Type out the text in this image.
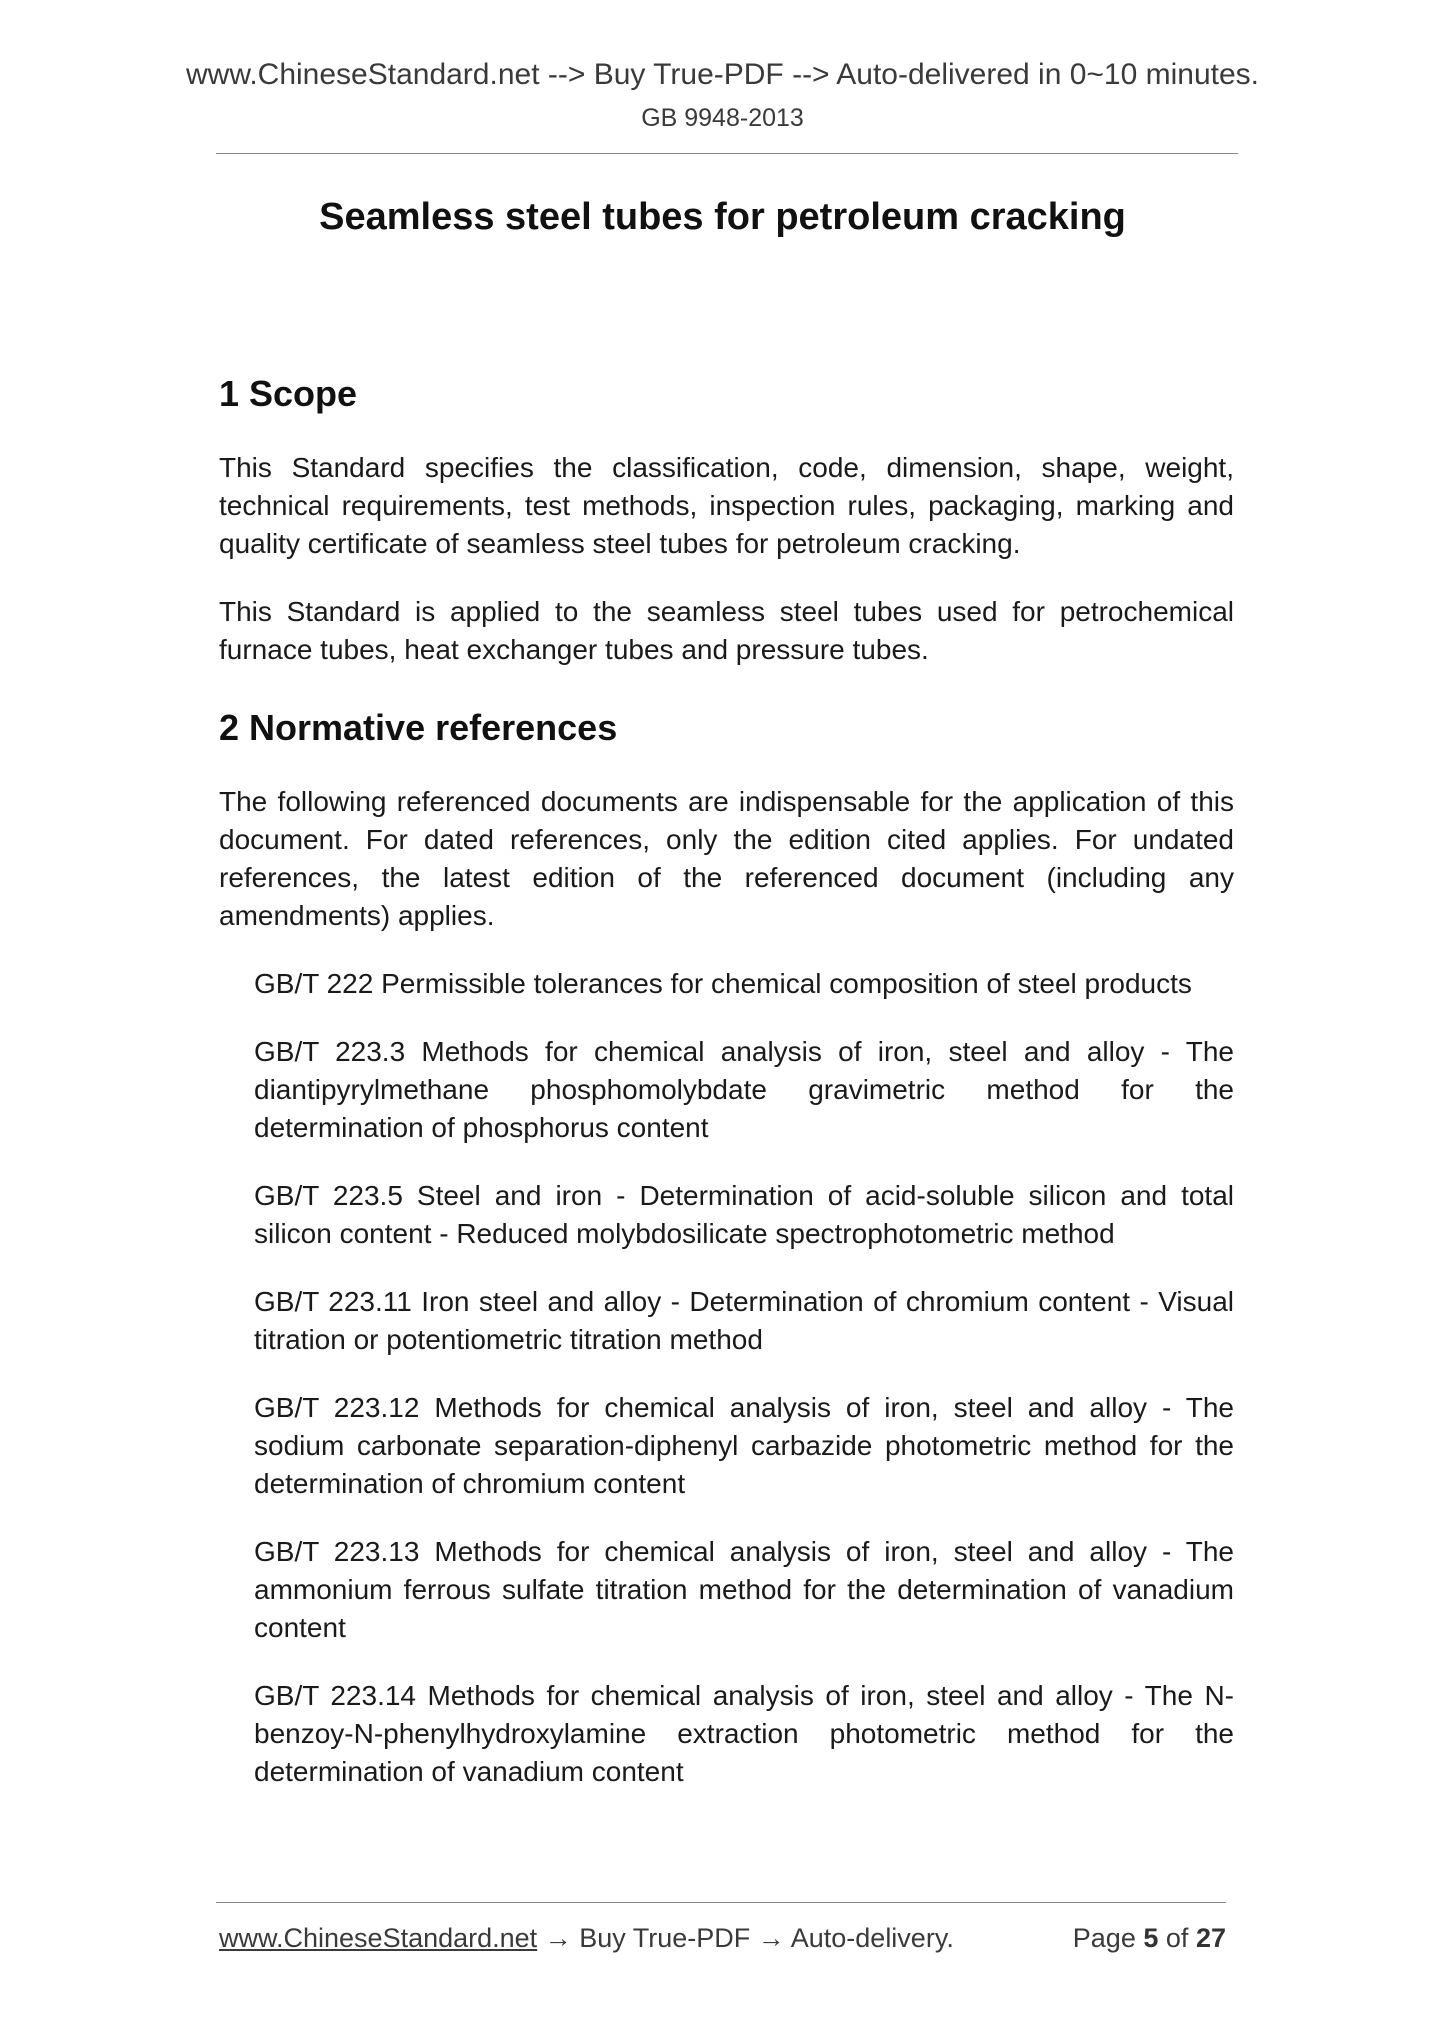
www.ChineseStandard.net --> Buy True-PDF --> Auto-delivered in 0~10 minutes.
GB 9948-2013
Seamless steel tubes for petroleum cracking
1 Scope

This Standard specifies the classification, code, dimension, shape, weight, technical requirements, test methods, inspection rules, packaging, marking and quality certificate of seamless steel tubes for petroleum cracking.

This Standard is applied to the seamless steel tubes used for petrochemical furnace tubes, heat exchanger tubes and pressure tubes.

2 Normative references

The following referenced documents are indispensable for the application of this document. For dated references, only the edition cited applies. For undated references, the latest edition of the referenced document (including any amendments) applies.

GB/T 222 Permissible tolerances for chemical composition of steel products

GB/T 223.3 Methods for chemical analysis of iron, steel and alloy - The diantipyrylmethane phosphomolybdate gravimetric method for the determination of phosphorus content

GB/T 223.5 Steel and iron - Determination of acid-soluble silicon and total silicon content - Reduced molybdosilicate spectrophotometric method

GB/T 223.11 Iron steel and alloy - Determination of chromium content - Visual titration or potentiometric titration method

GB/T 223.12 Methods for chemical analysis of iron, steel and alloy - The sodium carbonate separation-diphenyl carbazide photometric method for the determination of chromium content

GB/T 223.13 Methods for chemical analysis of iron, steel and alloy - The ammonium ferrous sulfate titration method for the determination of vanadium content

GB/T 223.14 Methods for chemical analysis of iron, steel and alloy - The N-benzoy-N-phenylhydroxylamine extraction photometric method for the determination of vanadium content

www.ChineseStandard.net → Buy True-PDF → Auto-delivery.	Page 5 of 27
